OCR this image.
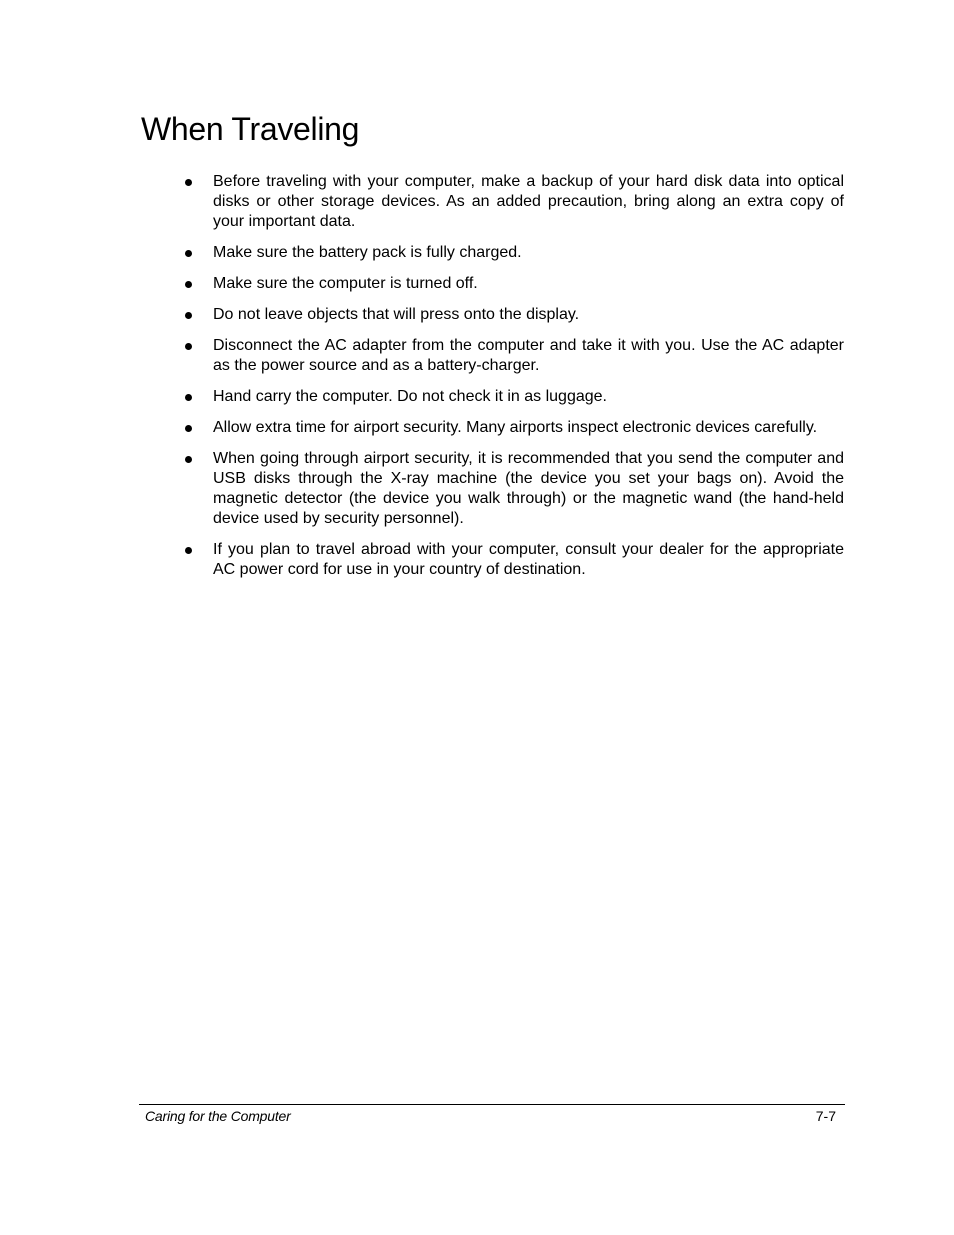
When Traveling
Before traveling with your computer, make a backup of your hard disk data into optical disks or other storage devices. As an added precaution, bring along an extra copy of your important data.
Make sure the battery pack is fully charged.
Make sure the computer is turned off.
Do not leave objects that will press onto the display.
Disconnect the AC adapter from the computer and take it with you. Use the AC adapter as the power source and as a battery-charger.
Hand carry the computer. Do not check it in as luggage.
Allow extra time for airport security. Many airports inspect electronic devices carefully.
When going through airport security, it is recommended that you send the computer and USB disks through the X-ray machine (the device you set your bags on). Avoid the magnetic detector (the device you walk through) or the magnetic wand (the hand-held device used by security personnel).
If you plan to travel abroad with your computer, consult your dealer for the appropriate AC power cord for use in your country of destination.
Caring for the Computer	7-7
